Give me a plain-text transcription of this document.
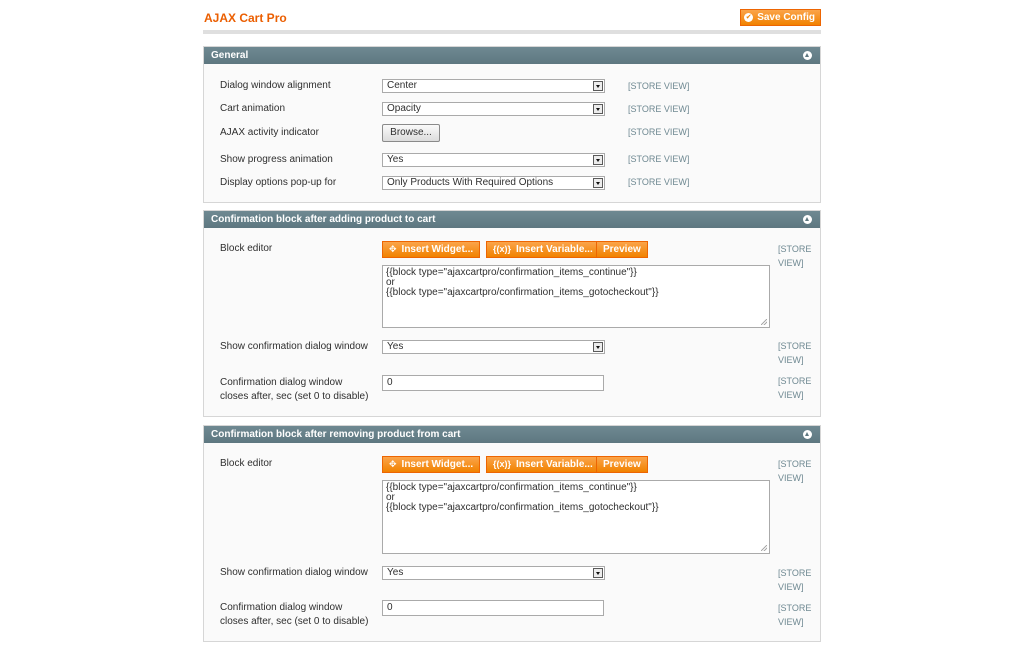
AJAX Cart Pro	✔ Save Config
General
Dialog window alignment	Center	[STORE VIEW]
Cart animation	Opacity	[STORE VIEW]
AJAX activity indicator	Browse...	[STORE VIEW]
Show progress animation	Yes	[STORE VIEW]
Display options pop-up for	Only Products With Required Options	[STORE VIEW]
Confirmation block after adding product to cart
Block editor	✥ Insert Widget...	{(x)} Insert Variable...	Preview	[STORE
VIEW]
{{block type="ajaxcartpro/confirmation_items_continue"}}
or
{{block type="ajaxcartpro/confirmation_items_gotocheckout"}}
Show confirmation dialog window	Yes	[STORE
VIEW]
Confirmation dialog window
closes after, sec (set 0 to disable)
0	[STORE
VIEW]
Confirmation block after removing product from cart
Block editor	✥ Insert Widget...	{(x)} Insert Variable...	Preview	[STORE
VIEW]
{{block type="ajaxcartpro/confirmation_items_continue"}}
or
{{block type="ajaxcartpro/confirmation_items_gotocheckout"}}
Show confirmation dialog window	Yes	[STORE
VIEW]
Confirmation dialog window
closes after, sec (set 0 to disable)
0	[STORE
VIEW]
